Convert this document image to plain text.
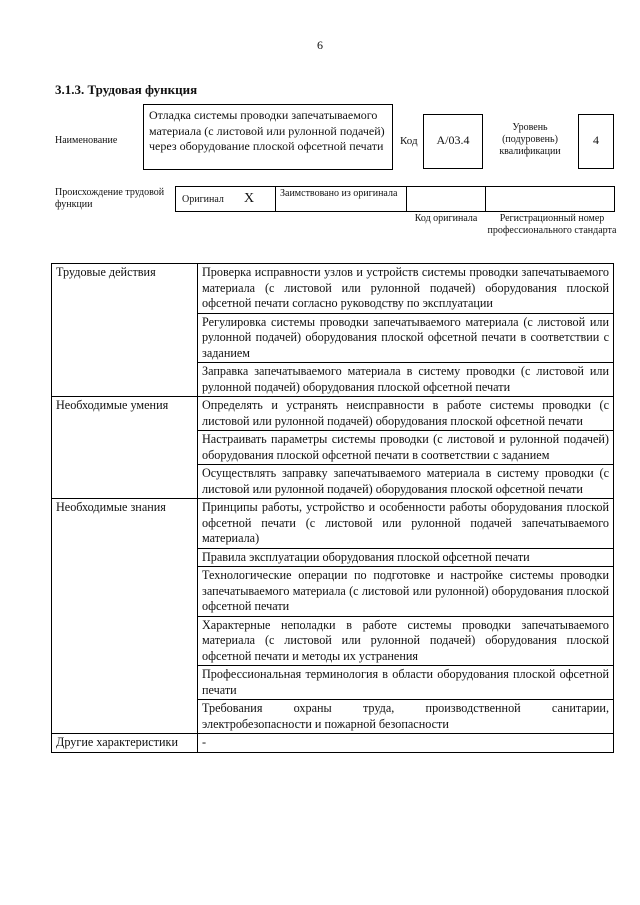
6
3.1.3. Трудовая функция
Наименование
Отладка системы проводки запечатываемого материала (с листовой или рулонной подачей) через оборудование плоской офсетной печати	Код	A/03.4
Уровень (подуровень) квалификации
4
Происхождение трудовой функции	Оригинал X	Заимствовано из оригинала
Код оригинала	Регистрационный номер профессионального стандарта
Трудовые действия	Проверка исправности узлов и устройств системы проводки запечатываемого материала (с листовой или рулонной подачей) оборудования плоской офсетной печати согласно руководству по эксплуатации
	Регулировка системы проводки запечатываемого материала (с листовой или рулонной подачей) оборудования плоской офсетной печати в соответствии с заданием
	Заправка запечатываемого материала в систему проводки (с листовой или рулонной подачей) оборудования плоской офсетной печати
Необходимые умения	Определять и устранять неисправности в работе системы проводки (с листовой или рулонной подачей) оборудования плоской офсетной печати
	Настраивать параметры системы проводки (с листовой и рулонной подачей) оборудования плоской офсетной печати в соответствии с заданием
	Осуществлять заправку запечатываемого материала в систему проводки (с листовой или рулонной подачей) оборудования плоской офсетной печати
Необходимые знания	Принципы работы, устройство и особенности работы оборудования плоской офсетной печати (с листовой или рулонной подачей запечатываемого материала)
	Правила эксплуатации оборудования плоской офсетной печати
	Технологические операции по подготовке и настройке системы проводки запечатываемого материала (с листовой или рулонной) оборудования плоской офсетной печати
	Характерные неполадки в работе системы проводки запечатываемого материала (с листовой или рулонной подачей) оборудования плоской офсетной печати и методы их устранения
	Профессиональная терминология в области оборудования плоской офсетной печати
	Требования охраны труда, производственной санитарии, электробезопасности и пожарной безопасности
Другие характеристики	-
